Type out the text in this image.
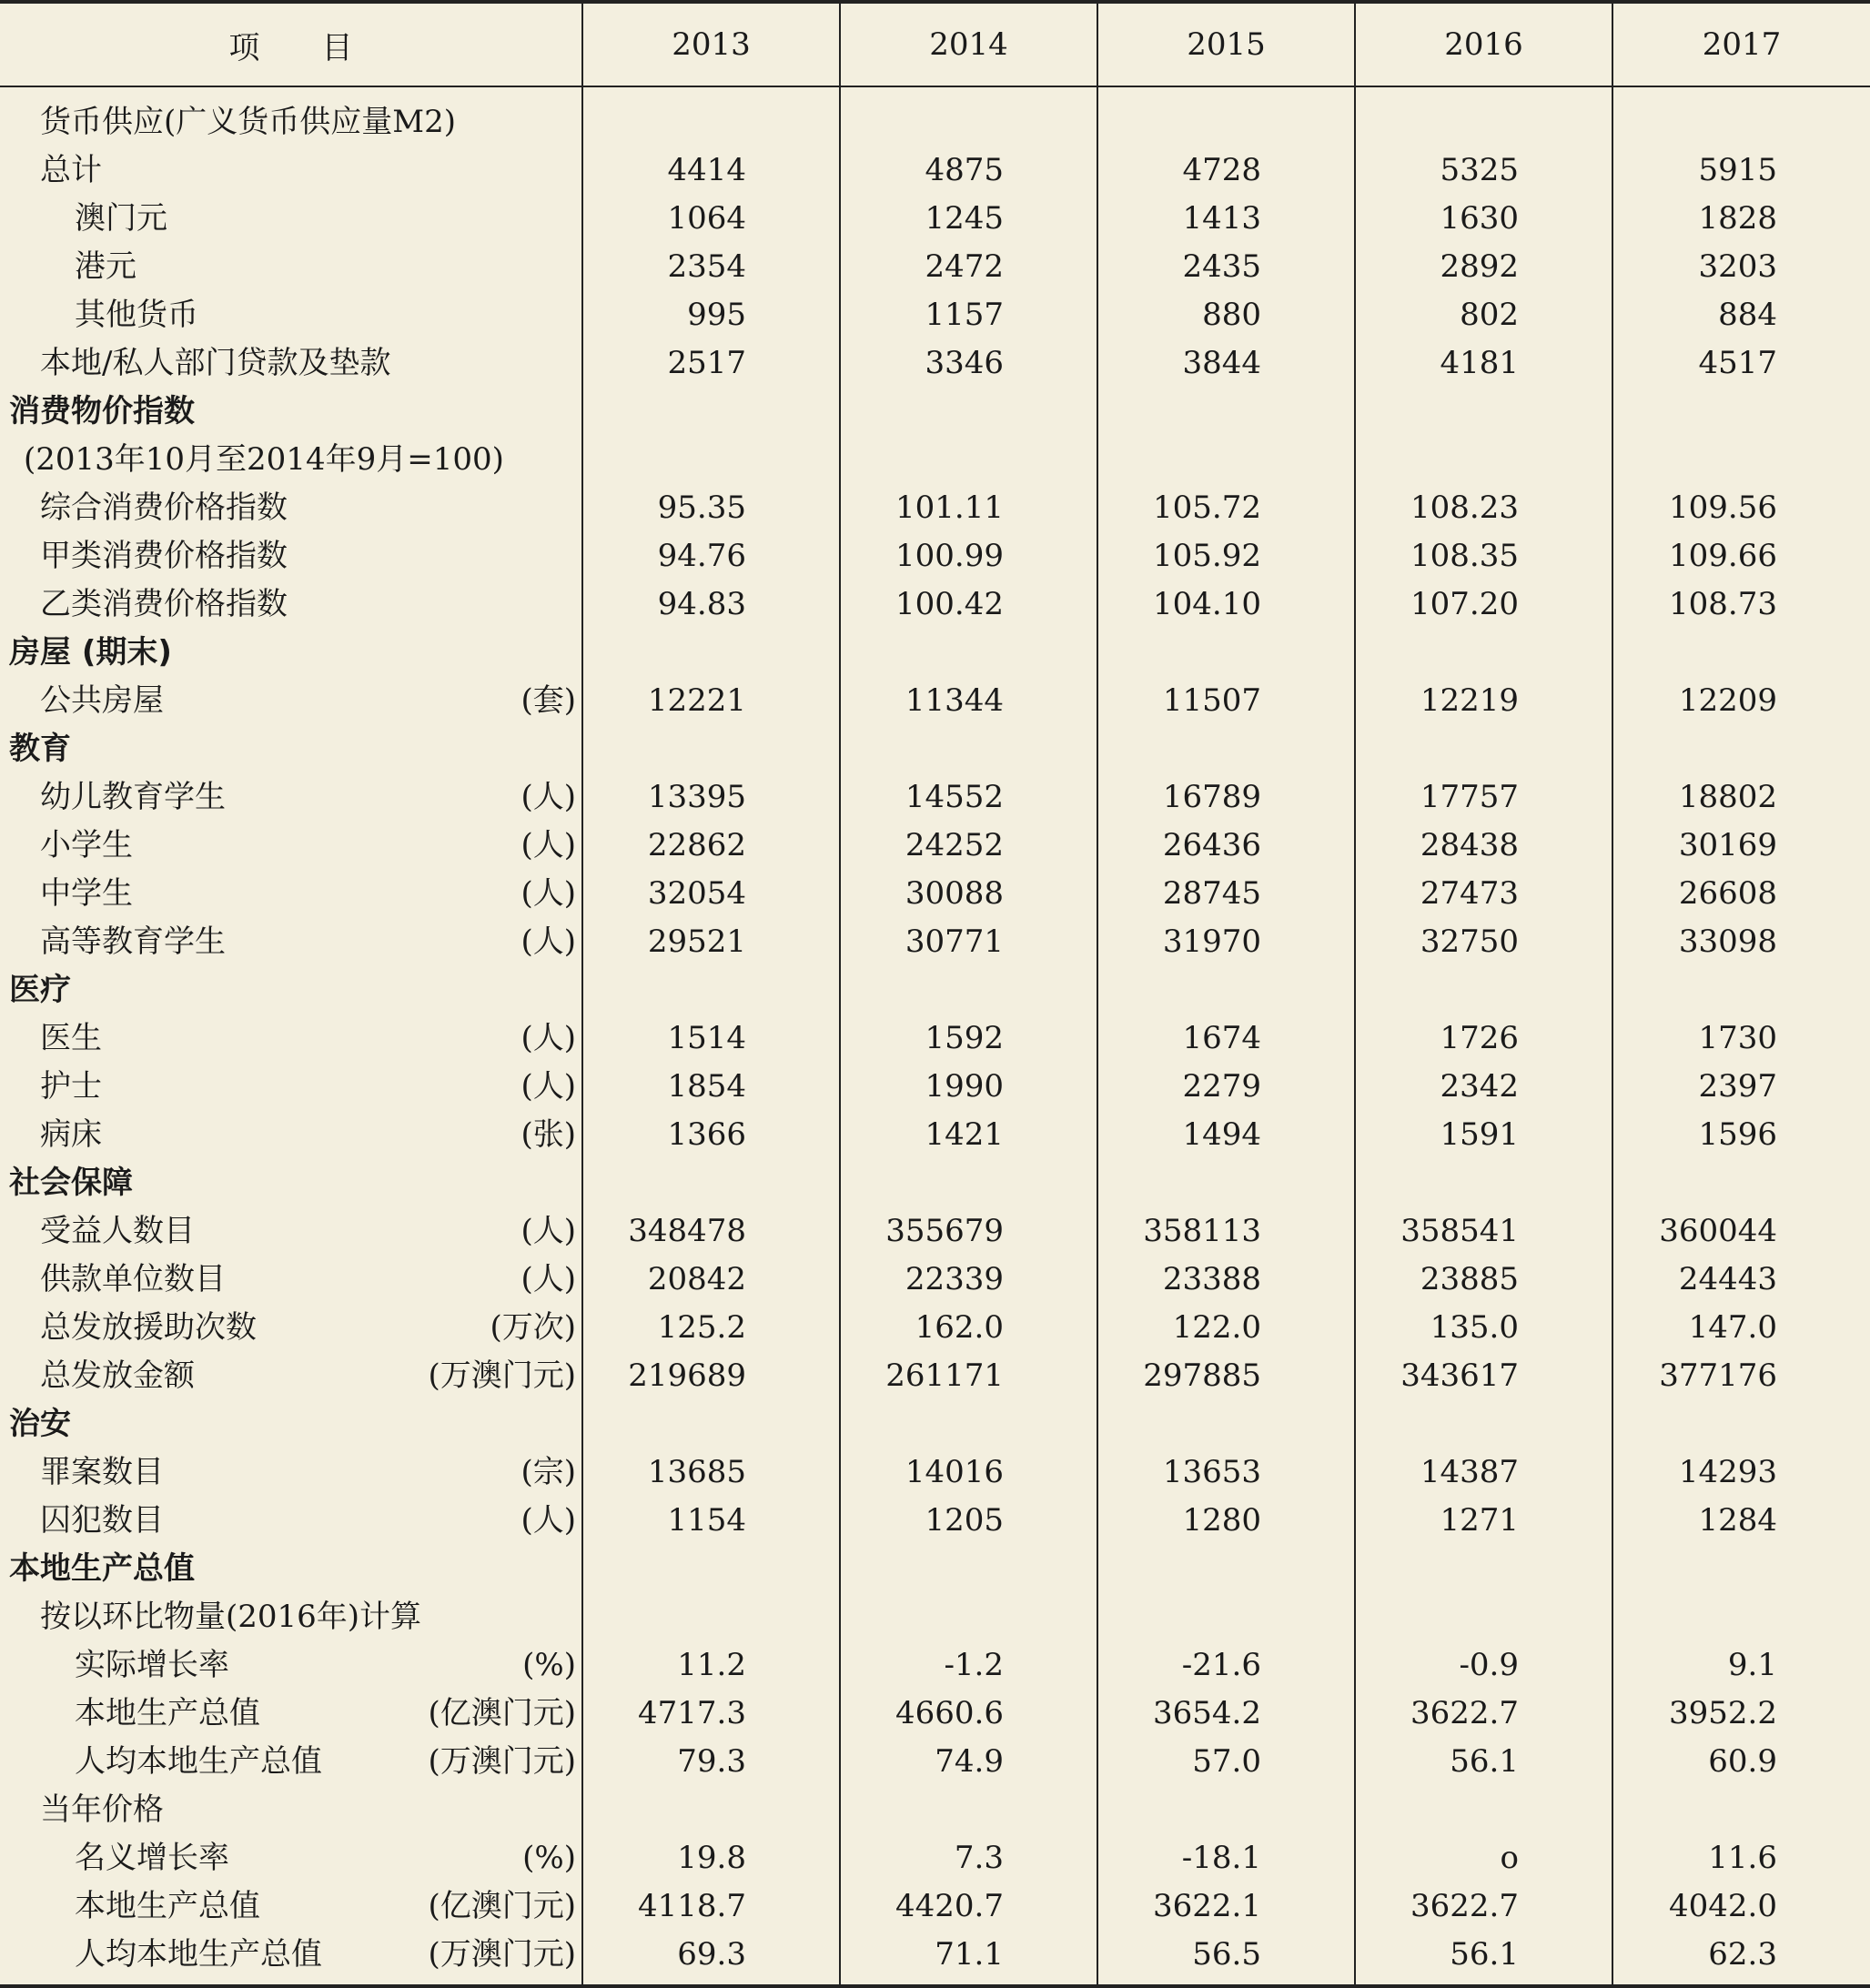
项　　目	2013	2014	2015	2016	2017
货币供应(广义货币供应量M2)					
总计	4414	4875	4728	5325	5915
澳门元	1064	1245	1413	1630	1828
港元	2354	2472	2435	2892	3203
其他货币	995	1157	880	802	884
本地/私人部门贷款及垫款	2517	3346	3844	4181	4517
消费物价指数					
(2013年10月至2014年9月=100)					
综合消费价格指数	95.35	101.11	105.72	108.23	109.56
甲类消费价格指数	94.76	100.99	105.92	108.35	109.66
乙类消费价格指数	94.83	100.42	104.10	107.20	108.73
房屋 (期末)					
公共房屋 (套)	12221	11344	11507	12219	12209
教育					
幼儿教育学生 (人)	13395	14552	16789	17757	18802
小学生 (人)	22862	24252	26436	28438	30169
中学生 (人)	32054	30088	28745	27473	26608
高等教育学生 (人)	29521	30771	31970	32750	33098
医疗					
医生 (人)	1514	1592	1674	1726	1730
护士 (人)	1854	1990	2279	2342	2397
病床 (张)	1366	1421	1494	1591	1596
社会保障					
受益人数目 (人)	348478	355679	358113	358541	360044
供款单位数目 (人)	20842	22339	23388	23885	24443
总发放援助次数 (万次)	125.2	162.0	122.0	135.0	147.0
总发放金额 (万澳门元)	219689	261171	297885	343617	377176
治安					
罪案数目 (宗)	13685	14016	13653	14387	14293
囚犯数目 (人)	1154	1205	1280	1271	1284
本地生产总值					
按以环比物量(2016年)计算					
实际增长率 (%)	11.2	-1.2	-21.6	-0.9	9.1
本地生产总值 (亿澳门元)	4717.3	4660.6	3654.2	3622.7	3952.2
人均本地生产总值 (万澳门元)	79.3	74.9	57.0	56.1	60.9
当年价格					
名义增长率 (%)	19.8	7.3	-18.1	o	11.6
本地生产总值 (亿澳门元)	4118.7	4420.7	3622.1	3622.7	4042.0
人均本地生产总值 (万澳门元)	69.3	71.1	56.5	56.1	62.3
